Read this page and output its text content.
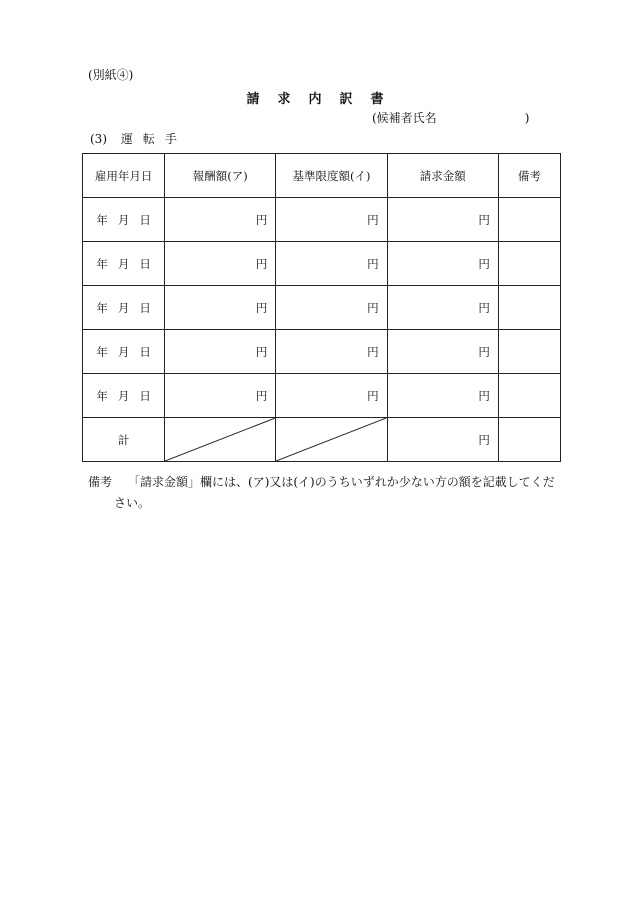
(別紙④)
請 求 内 訳 書
(候補者氏名	)
(3) 運 転 手
雇用年月日	報酬額(ア)	基準限度額(イ)	請求金額	備考
年 月 日	円	円	円	
年 月 日	円	円	円	
年 月 日	円	円	円	
年 月 日	円	円	円	
年 月 日	円	円	円	
計			円	
備考 「請求金額」欄には、(ア)又は(イ)のうちいずれか少ない方の額を記載してくだ
さい。
